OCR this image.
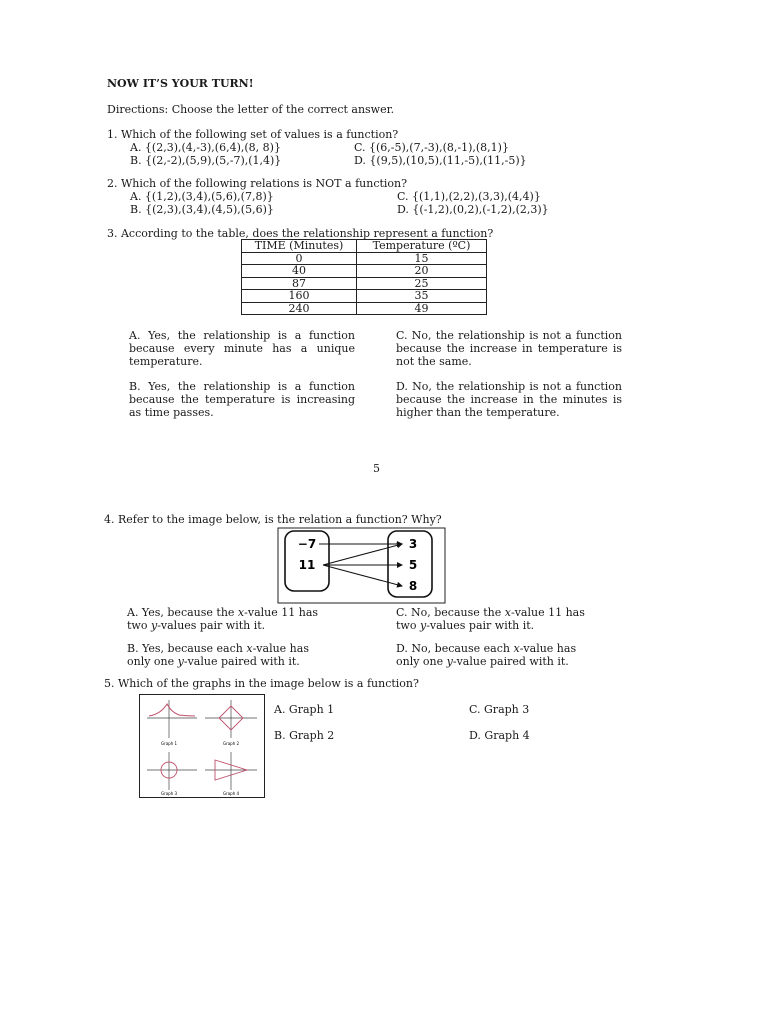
NOW IT’S YOUR TURN!
Directions: Choose the letter of the correct answer.
1. Which of the following set of values is a function?
A. {(2,3),(4,-3),(6,4),(8, 8)}
B. {(2,-2),(5,9),(5,-7),(1,4)}
C. {(6,-5),(7,-3),(8,-1),(8,1)}
D. {(9,5),(10,5),(11,-5),(11,-5)}
2. Which of the following relations is NOT a function?
A. {(1,2),(3,4),(5,6),(7,8)}
B. {(2,3),(3,4),(4,5),(5,6)}
C. {(1,1),(2,2),(3,3),(4,4)}
D. {(-1,2),(0,2),(-1,2),(2,3)}
3. According to the table, does the relationship represent a function?
TIME (Minutes)	Temperature (ºC)
0	15
40	20
87	25
160	35
240	49
A. Yes, the relationship is a function because every minute has a unique temperature.
B. Yes, the relationship is a function because the temperature is increasing as time passes.
C. No, the relationship is not a function because the increase in temperature is not the same.
D. No, the relationship is not a function because the increase in the minutes is higher than the temperature.
5
4. Refer to the image below, is the relation a function? Why?
−7
11
3
5
8
A. Yes, because the x-value 11 has
two y-values pair with it.
B. Yes, because each x-value has
only one y-value paired with it.
C. No, because the x-value 11 has
two y-values pair with it.
D. No, because each x-value has
only one y-value paired with it.
5. Which of the graphs in the image below is a function?
Graph 1	Graph 2
Graph 3	Graph 4
A. Graph 1
B. Graph 2
C. Graph 3
D. Graph 4
